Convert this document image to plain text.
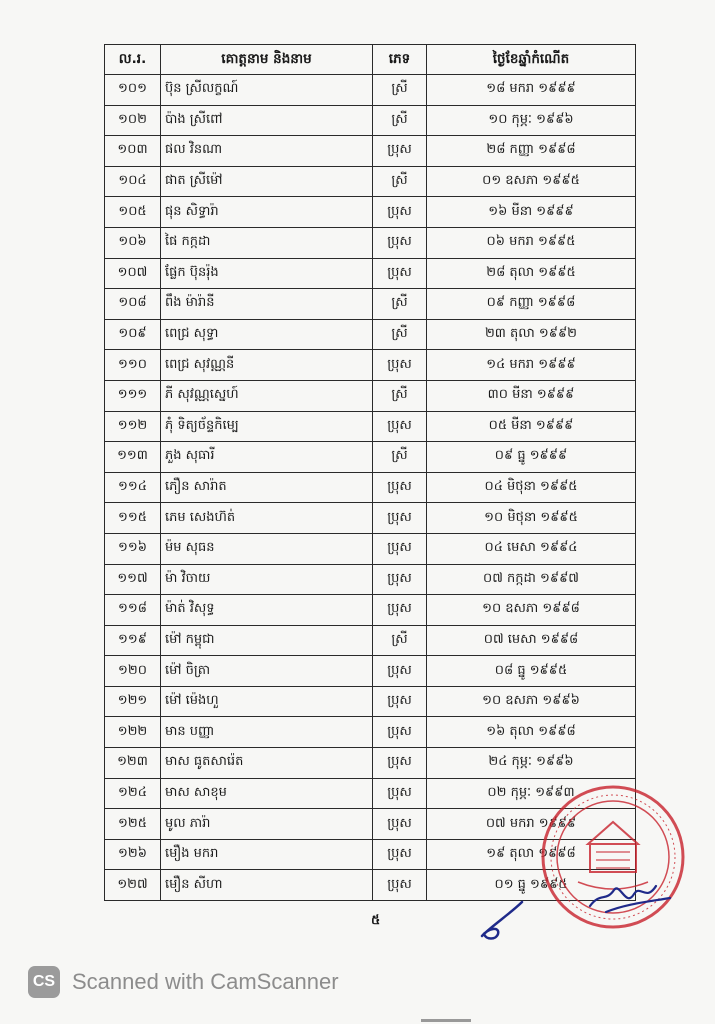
ល.រ.	គោត្តនាម និងនាម	ភេទ	ថ្ងៃខែឆ្នាំកំណើត
១០១	ប៊ុន ស្រីលក្ខណ៍	ស្រី	១៨ មករា ១៩៩៩
១០២	ប៉ាង ស្រីពៅ	ស្រី	១០ កុម្ភៈ ១៩៩៦
១០៣	ផល វិនណា	ប្រុស	២៨ កញ្ញា ១៩៩៨
១០៤	ផាត ស្រីម៉ៅ	ស្រី	០១ ឧសភា ១៩៩៥
១០៥	ផុន សិទ្ធារ៉ា	ប្រុស	១៦ មីនា ១៩៩៩
១០៦	ផៃ កក្កដា	ប្រុស	០៦ មករា ១៩៩៥
១០៧	ផ្លែក ប៊ុនរ៉ុង	ប្រុស	២៨ តុលា ១៩៩៥
១០៨	ពឹង ម៉ារ៉ានី	ស្រី	០៩ កញ្ញា ១៩៩៨
១០៩	ពេជ្រ សុទ្ធា	ស្រី	២៣ តុលា ១៩៩២
១១០	ពេជ្រ សុវណ្ណនី	ប្រុស	១៤ មករា ១៩៩៩
១១១	ភី សុវណ្ណស្នេហ៍	ស្រី	៣០ មីនា ១៩៩៩
១១២	ភុំ ទិត្យច័ន្ទកិម្បេ	ប្រុស	០៥ មីនា ១៩៩៩
១១៣	ភួង សុធារី	ស្រី	០៩ ធ្នូ ១៩៩៩
១១៤	ភឿន សារ៉ាត	ប្រុស	០៤ មិថុនា ១៩៩៥
១១៥	ភេម សេងហ៊ត់	ប្រុស	១០ មិថុនា ១៩៩៥
១១៦	ម៉ម សុធន	ប្រុស	០៤ មេសា ១៩៩៤
១១៧	ម៉ា វិចាយ	ប្រុស	០៧ កក្កដា ១៩៩៧
១១៨	ម៉ាត់ វិសុទ្ធ	ប្រុស	១០ ឧសភា ១៩៩៨
១១៩	ម៉ៅ កម្ពុជា	ស្រី	០៧ មេសា ១៩៩៨
១២០	ម៉ៅ ចិត្រា	ប្រុស	០៨ ធ្នូ ១៩៩៥
១២១	ម៉ៅ ម៉េងហួ	ប្រុស	១០ ឧសភា ១៩៩៦
១២២	មាន បញ្ញា	ប្រុស	១៦ តុលា ១៩៩៨
១២៣	មាស ធូតសារ៉េត	ប្រុស	២៤ កុម្ភៈ ១៩៩៦
១២៤	មាស សាខុម	ប្រុស	០២ កុម្ភៈ ១៩៩៣
១២៥	មូល ភារ៉ា	ប្រុស	០៧ មករា ១៩៩៩
១២៦	មឿង មករា	ប្រុស	១៩ តុលា ១៩៩៨
១២៧	មឿន សីហា	ប្រុស	០១ ធ្នូ ១៩៩៥
៥
CS Scanned with CamScanner
